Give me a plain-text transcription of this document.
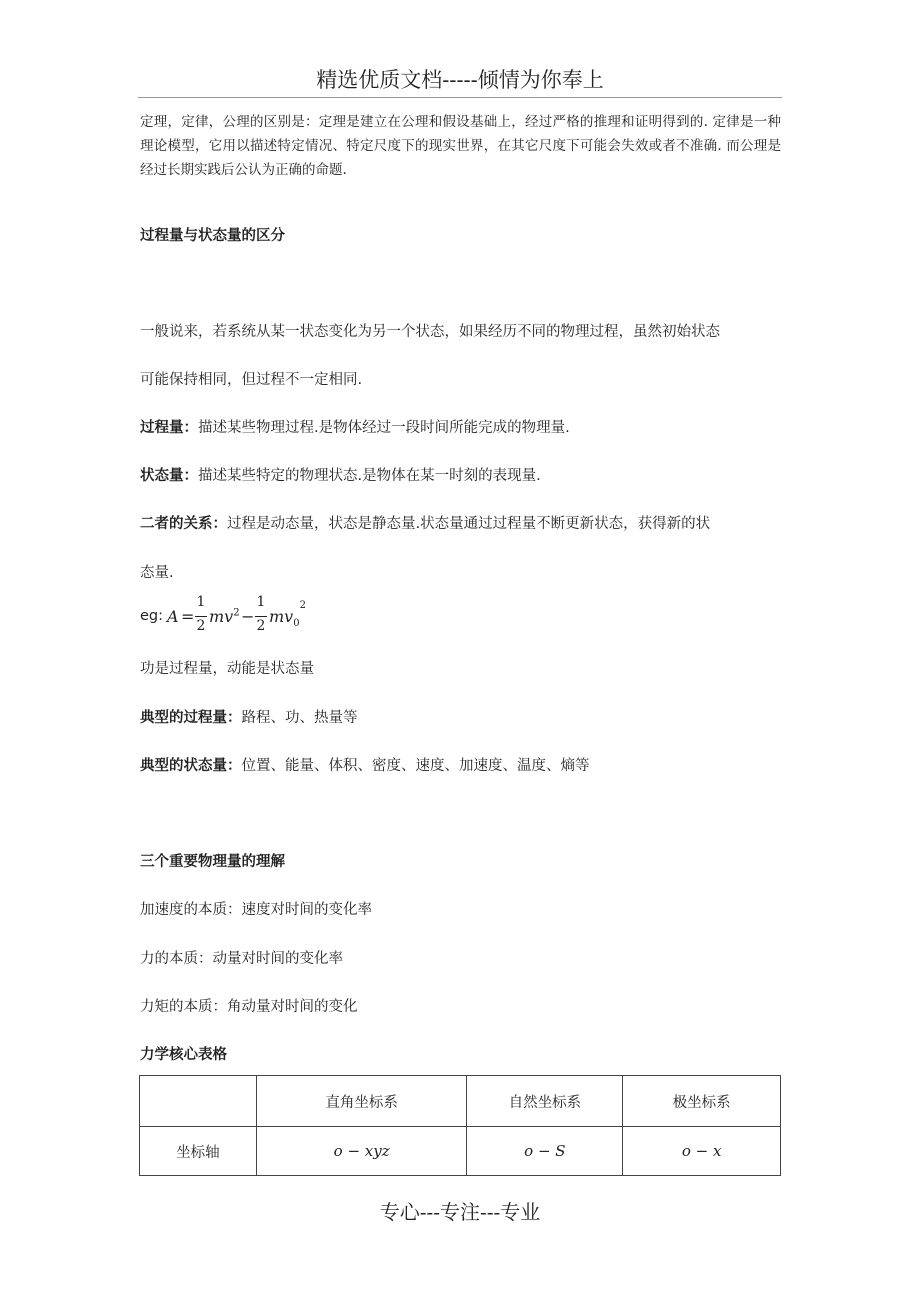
精选优质文档-----倾情为你奉上
定理，定律，公理的区别是：定理是建立在公理和假设基础上，经过严格的推理和证明得到的. 定律是一种理论模型，它用以描述特定情况、特定尺度下的现实世界，在其它尺度下可能会失效或者不准确. 而公理是经过长期实践后公认为正确的命题.
过程量与状态量的区分
一般说来，若系统从某一状态变化为另一个状态，如果经历不同的物理过程，虽然初始状态
可能保持相同，但过程不一定相同.
过程量：描述某些物理过程.是物体经过一段时间所能完成的物理量.
状态量：描述某些特定的物理状态.是物体在某一时刻的表现量.
二者的关系：过程是动态量，状态是静态量.状态量通过过程量不断更新状态，获得新的状
态量.
eg: A =
1
2 $mv^2$ −
1
2 $mv_0^2$
功是过程量，动能是状态量
典型的过程量：路程、功、热量等
典型的状态量：位置、能量、体积、密度、速度、加速度、温度、熵等
三个重要物理量的理解
加速度的本质：速度对时间的变化率
力的本质：动量对时间的变化率
力矩的本质：角动量对时间的变化
力学核心表格
	直角坐标系	自然坐标系	极坐标系
坐标轴	o − xyz	o − S	o − x
专心---专注---专业
